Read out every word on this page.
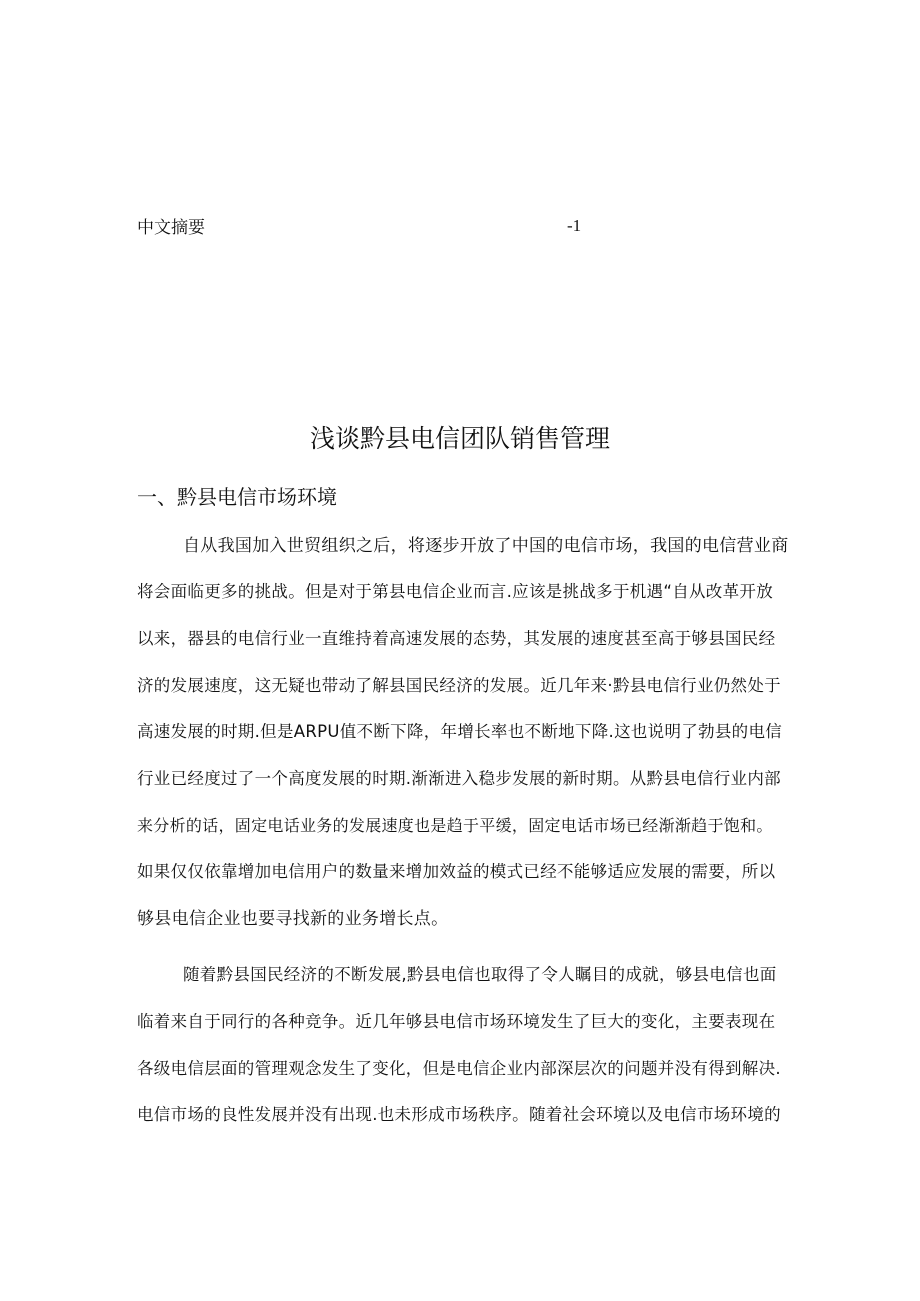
中文摘要	-1
浅谈黔县电信团队销售管理
一、黔县电信市场环境
自从我国加入世贸组织之后，将逐步开放了中国的电信市场，我国的电信营业商
将会面临更多的挑战。但是对于第县电信企业而言.应该是挑战多于机遇“自从改革开放
以来，器县的电信行业一直维持着高速发展的态势，其发展的速度甚至高于够县国民经
济的发展速度，这无疑也带动了解县国民经济的发展。近几年来·黔县电信行业仍然处于
高速发展的时期.但是ARPU值不断下降，年增长率也不断地下降.这也说明了勃县的电信
行业已经度过了一个高度发展的时期.渐渐进入稳步发展的新时期。从黔县电信行业内部
来分析的话，固定电话业务的发展速度也是趋于平缓，固定电话市场已经渐渐趋于饱和。
如果仅仅依靠增加电信用户的数量来增加效益的模式已经不能够适应发展的需要，所以
够县电信企业也要寻找新的业务增长点。
随着黔县国民经济的不断发展,黔县电信也取得了令人瞩目的成就，够县电信也面
临着来自于同行的各种竞争。近几年够县电信市场环境发生了巨大的变化，主要表现在
各级电信层面的管理观念发生了变化，但是电信企业内部深层次的问题并没有得到解决.
电信市场的良性发展并没有出现.也未形成市场秩序。随着社会环境以及电信市场环境的
